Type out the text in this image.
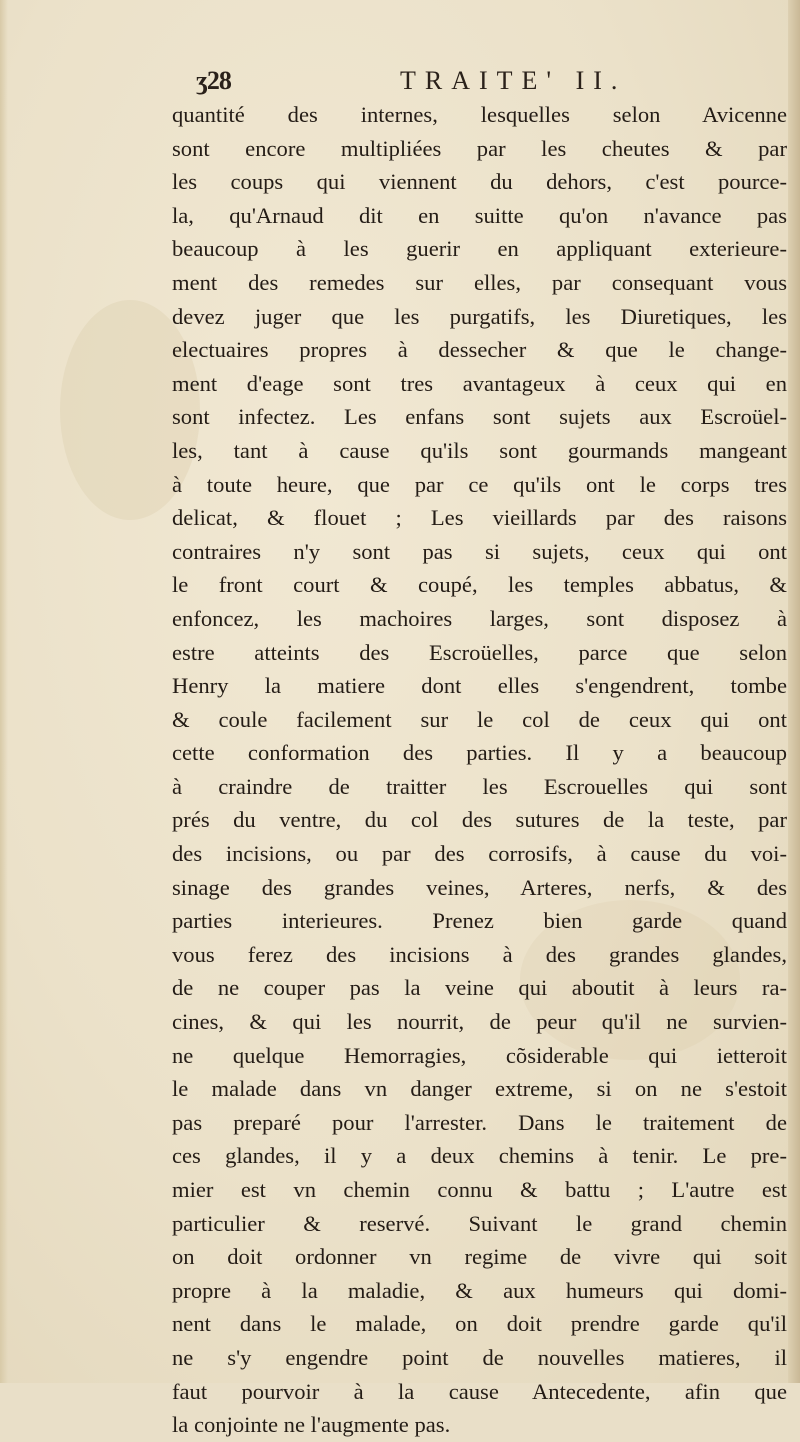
ʒ28	TRAITE' II.
quantité des internes, lesquelles selon Avicenne
sont encore multipliées par les cheutes & par
les coups qui viennent du dehors, c'est pource-
la, qu'Arnaud dit en suitte qu'on n'avance pas
beaucoup à les guerir en appliquant exterieure-
ment des remedes sur elles, par consequant vous
devez juger que les purgatifs, les Diuretiques, les
electuaires propres à dessecher & que le change-
ment d'eage sont tres avantageux à ceux qui en
sont infectez. Les enfans sont sujets aux Escroüel-
les, tant à cause qu'ils sont gourmands mangeant
à toute heure, que par ce qu'ils ont le corps tres
delicat, & flouet ; Les vieillards par des raisons
contraires n'y sont pas si sujets, ceux qui ont
le front court & coupé, les temples abbatus, &
enfoncez, les machoires larges, sont disposez à
estre atteints des Escroüelles, parce que selon
Henry la matiere dont elles s'engendrent, tombe
& coule facilement sur le col de ceux qui ont
cette conformation des parties. Il y a beaucoup
à craindre de traitter les Escrouelles qui sont
prés du ventre, du col des sutures de la teste, par
des incisions, ou par des corrosifs, à cause du voi-
sinage des grandes veines, Arteres, nerfs, & des
parties interieures. Prenez bien garde quand
vous ferez des incisions à des grandes glandes,
de ne couper pas la veine qui aboutit à leurs ra-
cines, & qui les nourrit, de peur qu'il ne survien-
ne quelque Hemorragies, cõsiderable qui ietteroit
le malade dans vn danger extreme, si on ne s'estoit
pas preparé pour l'arrester. Dans le traitement de
ces glandes, il y a deux chemins à tenir. Le pre-
mier est vn chemin connu & battu ; L'autre est
particulier & reservé. Suivant le grand chemin
on doit ordonner vn regime de vivre qui soit
propre à la maladie, & aux humeurs qui domi-
nent dans le malade, on doit prendre garde qu'il
ne s'y engendre point de nouvelles matieres, il
faut pourvoir à la cause Antecedente, afin que
la conjointe ne l'augmente pas.
